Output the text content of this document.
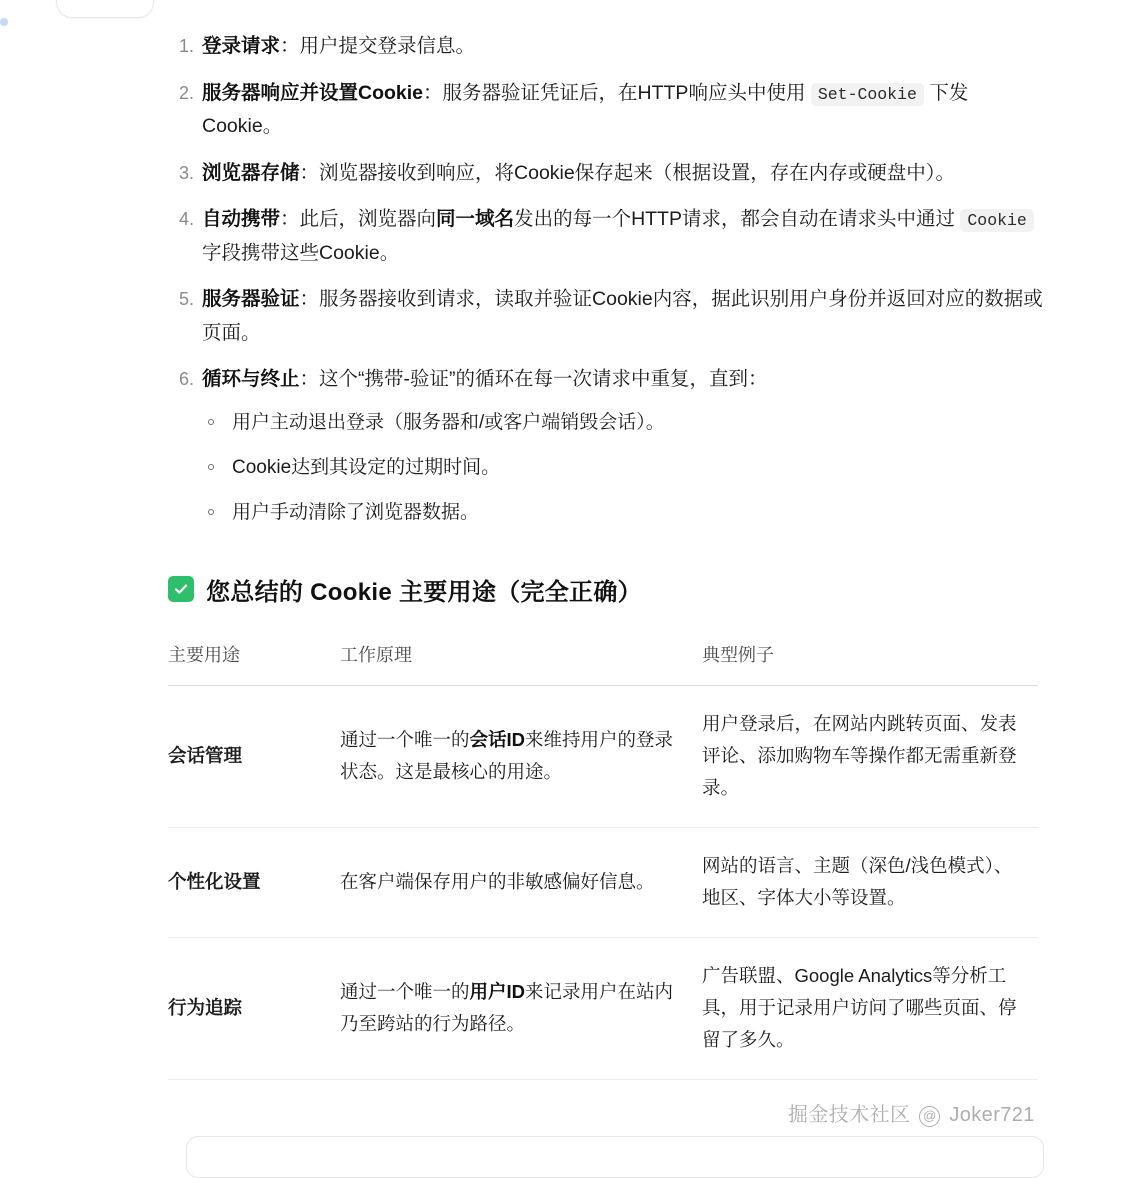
登录请求：用户提交登录信息。
服务器响应并设置Cookie：服务器验证凭证后，在HTTP响应头中使用 Set-Cookie 下发Cookie。
浏览器存储：浏览器接收到响应，将Cookie保存起来（根据设置，存在内存或硬盘中）。
自动携带：此后，浏览器向同一域名发出的每一个HTTP请求，都会自动在请求头中通过 Cookie 字段携带这些Cookie。
服务器验证：服务器接收到请求，读取并验证Cookie内容，据此识别用户身份并返回对应的数据或页面。
循环与终止：这个“携带-验证”的循环在每一次请求中重复，直到：
用户主动退出登录（服务器和/或客户端销毁会话）。
Cookie达到其设定的过期时间。
用户手动清除了浏览器数据。
您总结的 Cookie 主要用途（完全正确）
主要用途	工作原理	典型例子
会话管理	通过一个唯一的会话ID来维持用户的登录状态。这是最核心的用途。	用户登录后，在网站内跳转页面、发表评论、添加购物车等操作都无需重新登录。
个性化设置	在客户端保存用户的非敏感偏好信息。	网站的语言、主题（深色/浅色模式）、地区、字体大小等设置。
行为追踪	通过一个唯一的用户ID来记录用户在站内乃至跨站的行为路径。	广告联盟、Google Analytics等分析工具，用于记录用户访问了哪些页面、停留了多久。
掘金技术社区 @ Joker721
